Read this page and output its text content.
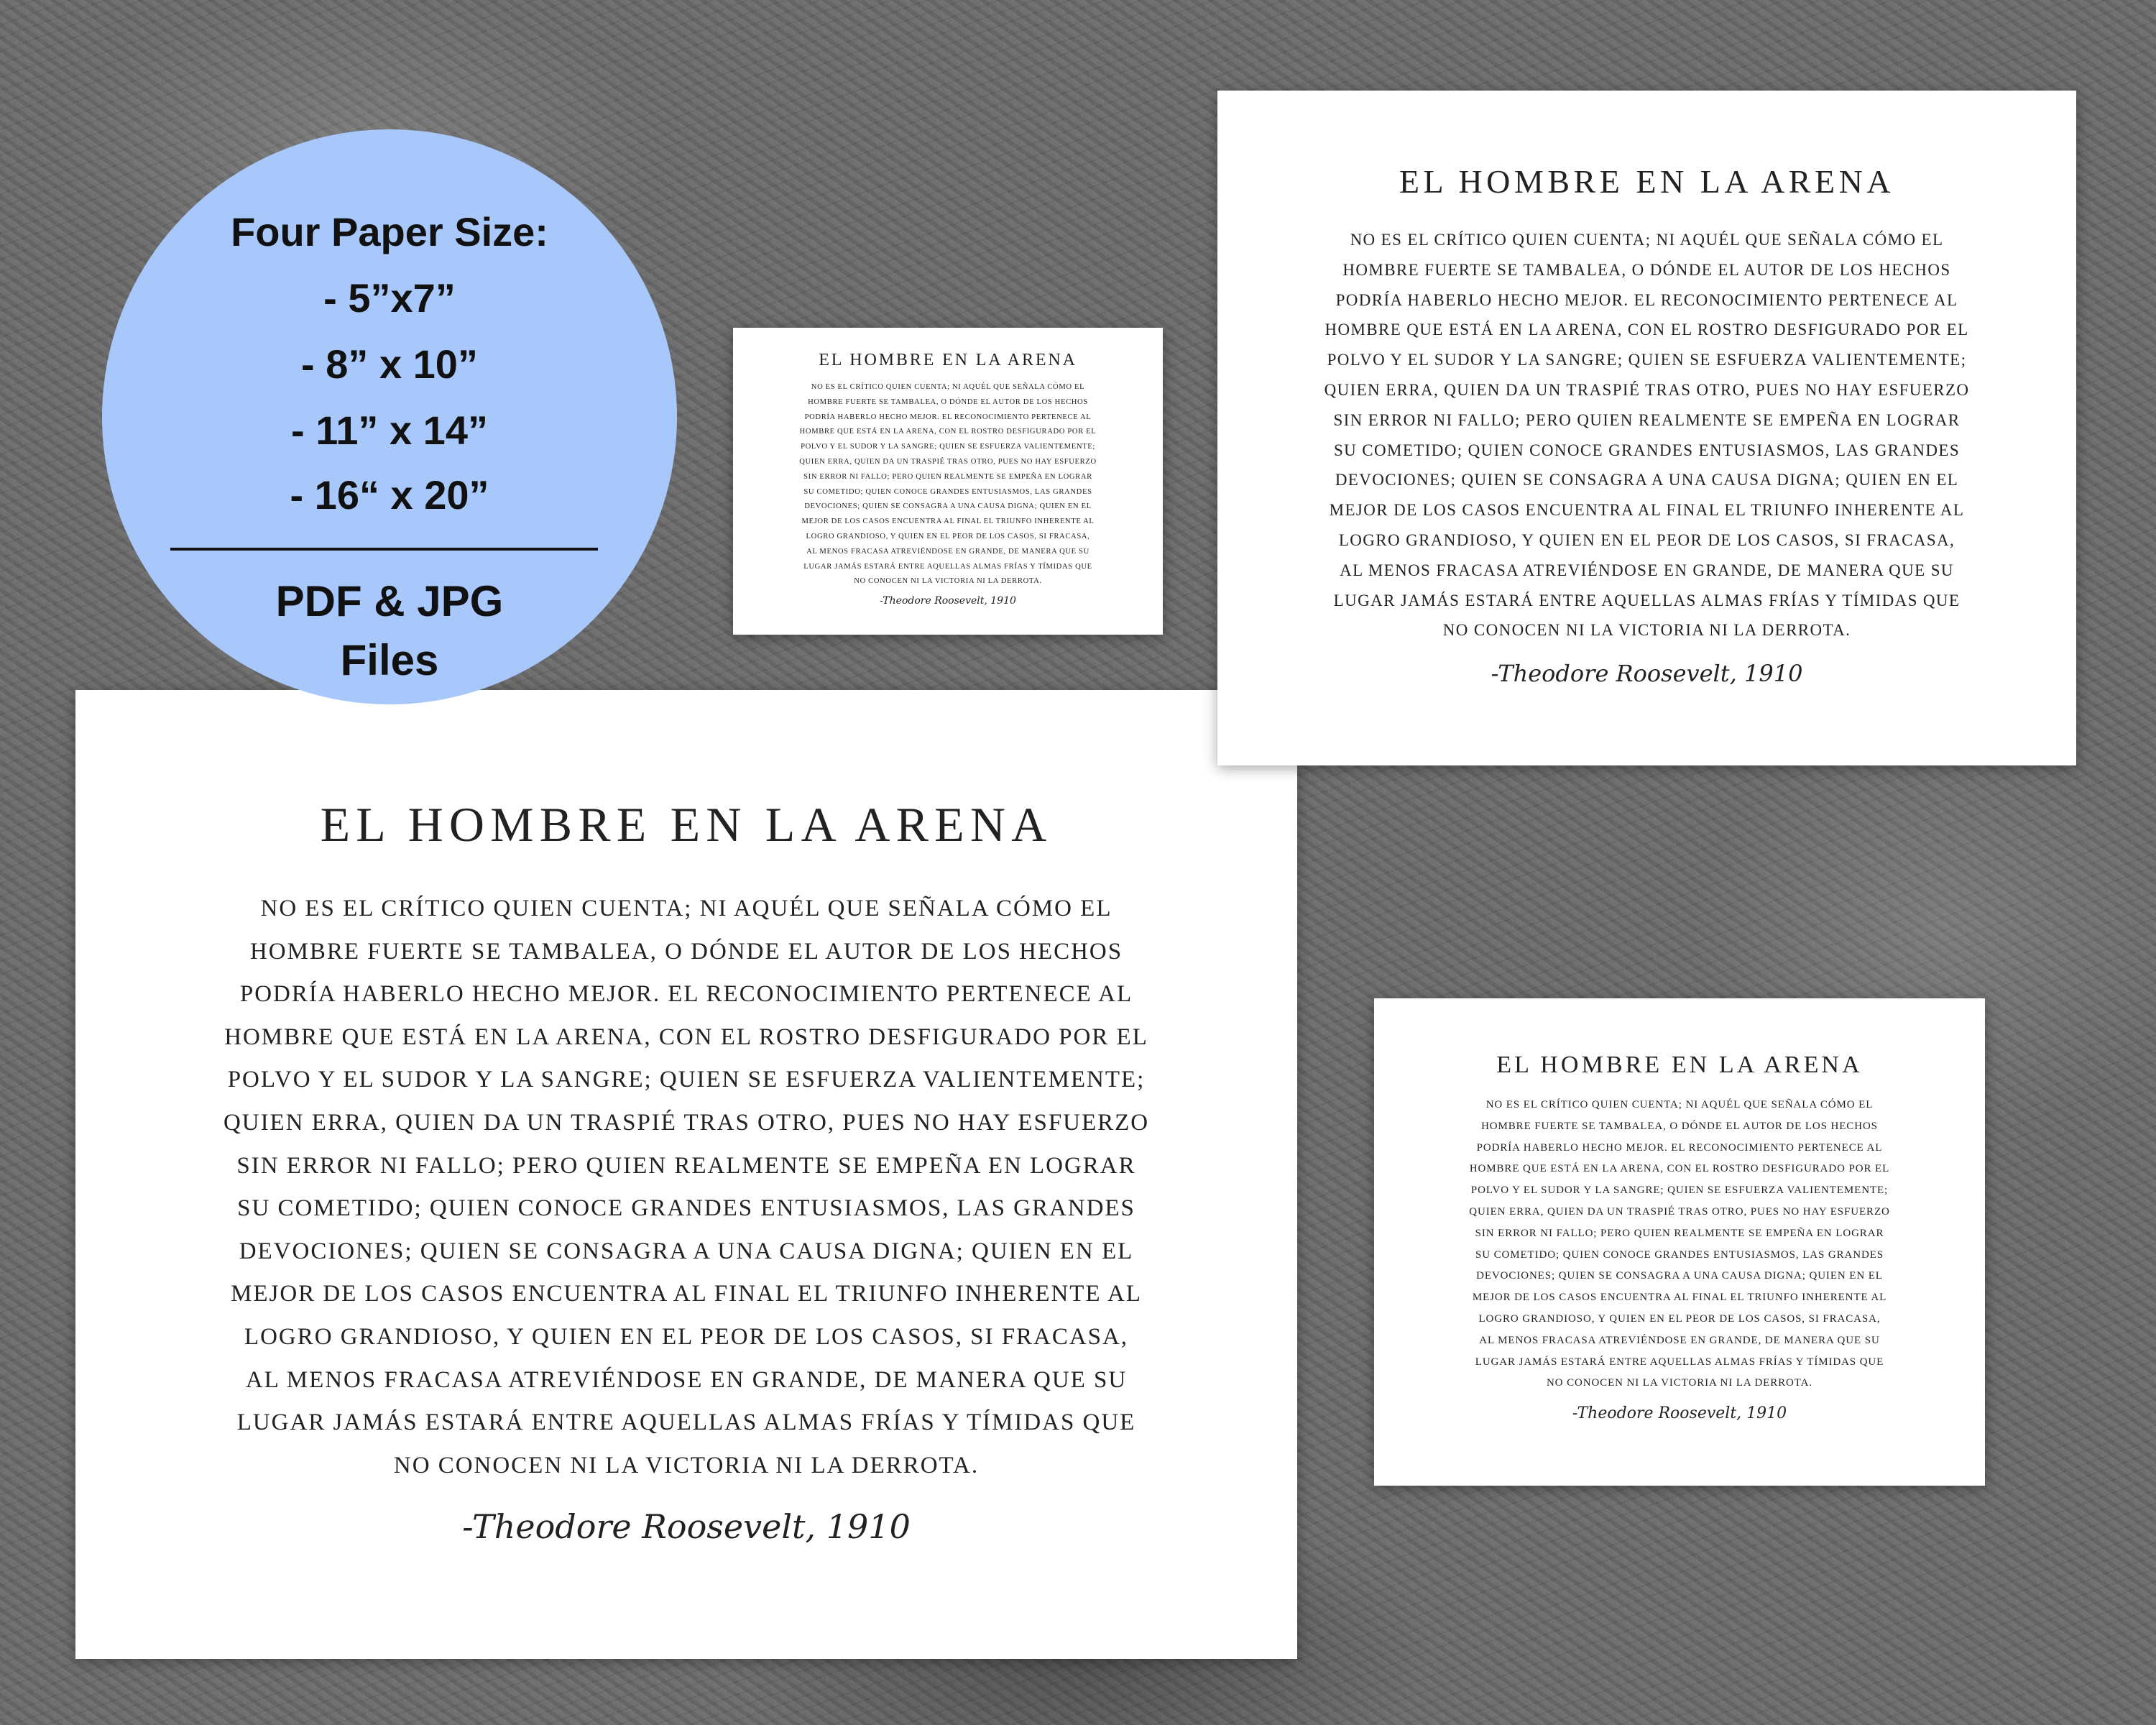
EL HOMBRE EN LA ARENA
NO ES EL CRÍTICO QUIEN CUENTA; NI AQUÉL QUE SEÑALA CÓMO EL
HOMBRE FUERTE SE TAMBALEA, O DÓNDE EL AUTOR DE LOS HECHOS
PODRÍA HABERLO HECHO MEJOR. EL RECONOCIMIENTO PERTENECE AL
HOMBRE QUE ESTÁ EN LA ARENA, CON EL ROSTRO DESFIGURADO POR EL
POLVO Y EL SUDOR Y LA SANGRE; QUIEN SE ESFUERZA VALIENTEMENTE;
QUIEN ERRA, QUIEN DA UN TRASPIÉ TRAS OTRO, PUES NO HAY ESFUERZO
SIN ERROR NI FALLO; PERO QUIEN REALMENTE SE EMPEÑA EN LOGRAR
SU COMETIDO; QUIEN CONOCE GRANDES ENTUSIASMOS, LAS GRANDES
DEVOCIONES; QUIEN SE CONSAGRA A UNA CAUSA DIGNA; QUIEN EN EL
MEJOR DE LOS CASOS ENCUENTRA AL FINAL EL TRIUNFO INHERENTE AL
LOGRO GRANDIOSO, Y QUIEN EN EL PEOR DE LOS CASOS, SI FRACASA,
AL MENOS FRACASA ATREVIÉNDOSE EN GRANDE, DE MANERA QUE SU
LUGAR JAMÁS ESTARÁ ENTRE AQUELLAS ALMAS FRÍAS Y TÍMIDAS QUE
NO CONOCEN NI LA VICTORIA NI LA DERROTA.
-Theodore Roosevelt, 1910
EL HOMBRE EN LA ARENA
NO ES EL CRÍTICO QUIEN CUENTA; NI AQUÉL QUE SEÑALA CÓMO EL
HOMBRE FUERTE SE TAMBALEA, O DÓNDE EL AUTOR DE LOS HECHOS
PODRÍA HABERLO HECHO MEJOR. EL RECONOCIMIENTO PERTENECE AL
HOMBRE QUE ESTÁ EN LA ARENA, CON EL ROSTRO DESFIGURADO POR EL
POLVO Y EL SUDOR Y LA SANGRE; QUIEN SE ESFUERZA VALIENTEMENTE;
QUIEN ERRA, QUIEN DA UN TRASPIÉ TRAS OTRO, PUES NO HAY ESFUERZO
SIN ERROR NI FALLO; PERO QUIEN REALMENTE SE EMPEÑA EN LOGRAR
SU COMETIDO; QUIEN CONOCE GRANDES ENTUSIASMOS, LAS GRANDES
DEVOCIONES; QUIEN SE CONSAGRA A UNA CAUSA DIGNA; QUIEN EN EL
MEJOR DE LOS CASOS ENCUENTRA AL FINAL EL TRIUNFO INHERENTE AL
LOGRO GRANDIOSO, Y QUIEN EN EL PEOR DE LOS CASOS, SI FRACASA,
AL MENOS FRACASA ATREVIÉNDOSE EN GRANDE, DE MANERA QUE SU
LUGAR JAMÁS ESTARÁ ENTRE AQUELLAS ALMAS FRÍAS Y TÍMIDAS QUE
NO CONOCEN NI LA VICTORIA NI LA DERROTA.
-Theodore Roosevelt, 1910
EL HOMBRE EN LA ARENA
NO ES EL CRÍTICO QUIEN CUENTA; NI AQUÉL QUE SEÑALA CÓMO EL
HOMBRE FUERTE SE TAMBALEA, O DÓNDE EL AUTOR DE LOS HECHOS
PODRÍA HABERLO HECHO MEJOR. EL RECONOCIMIENTO PERTENECE AL
HOMBRE QUE ESTÁ EN LA ARENA, CON EL ROSTRO DESFIGURADO POR EL
POLVO Y EL SUDOR Y LA SANGRE; QUIEN SE ESFUERZA VALIENTEMENTE;
QUIEN ERRA, QUIEN DA UN TRASPIÉ TRAS OTRO, PUES NO HAY ESFUERZO
SIN ERROR NI FALLO; PERO QUIEN REALMENTE SE EMPEÑA EN LOGRAR
SU COMETIDO; QUIEN CONOCE GRANDES ENTUSIASMOS, LAS GRANDES
DEVOCIONES; QUIEN SE CONSAGRA A UNA CAUSA DIGNA; QUIEN EN EL
MEJOR DE LOS CASOS ENCUENTRA AL FINAL EL TRIUNFO INHERENTE AL
LOGRO GRANDIOSO, Y QUIEN EN EL PEOR DE LOS CASOS, SI FRACASA,
AL MENOS FRACASA ATREVIÉNDOSE EN GRANDE, DE MANERA QUE SU
LUGAR JAMÁS ESTARÁ ENTRE AQUELLAS ALMAS FRÍAS Y TÍMIDAS QUE
NO CONOCEN NI LA VICTORIA NI LA DERROTA.
-Theodore Roosevelt, 1910
EL HOMBRE EN LA ARENA
NO ES EL CRÍTICO QUIEN CUENTA; NI AQUÉL QUE SEÑALA CÓMO EL
HOMBRE FUERTE SE TAMBALEA, O DÓNDE EL AUTOR DE LOS HECHOS
PODRÍA HABERLO HECHO MEJOR. EL RECONOCIMIENTO PERTENECE AL
HOMBRE QUE ESTÁ EN LA ARENA, CON EL ROSTRO DESFIGURADO POR EL
POLVO Y EL SUDOR Y LA SANGRE; QUIEN SE ESFUERZA VALIENTEMENTE;
QUIEN ERRA, QUIEN DA UN TRASPIÉ TRAS OTRO, PUES NO HAY ESFUERZO
SIN ERROR NI FALLO; PERO QUIEN REALMENTE SE EMPEÑA EN LOGRAR
SU COMETIDO; QUIEN CONOCE GRANDES ENTUSIASMOS, LAS GRANDES
DEVOCIONES; QUIEN SE CONSAGRA A UNA CAUSA DIGNA; QUIEN EN EL
MEJOR DE LOS CASOS ENCUENTRA AL FINAL EL TRIUNFO INHERENTE AL
LOGRO GRANDIOSO, Y QUIEN EN EL PEOR DE LOS CASOS, SI FRACASA,
AL MENOS FRACASA ATREVIÉNDOSE EN GRANDE, DE MANERA QUE SU
LUGAR JAMÁS ESTARÁ ENTRE AQUELLAS ALMAS FRÍAS Y TÍMIDAS QUE
NO CONOCEN NI LA VICTORIA NI LA DERROTA.
-Theodore Roosevelt, 1910
Four Paper Size:
- 5”x7”
- 8” x 10”
- 11” x 14”
- 16“ x 20”
PDF & JPG
Files
